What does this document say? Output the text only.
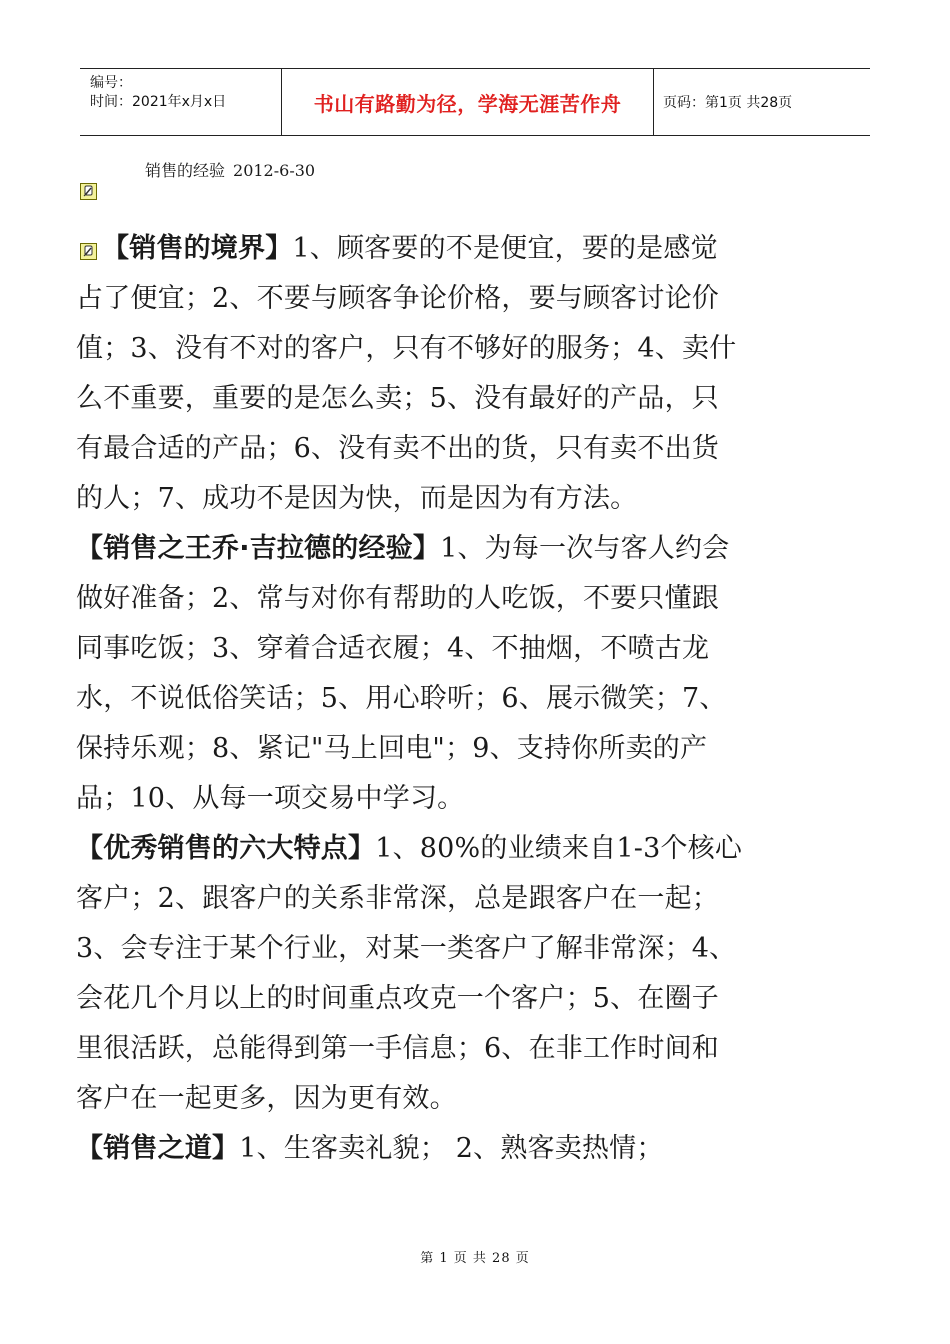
编号：
时间：2021年x月x日	书山有路勤为径，学海无涯苦作舟	页码：第1页 共28页
销售的经验 2012-6-30

【销售的境界】1、顾客要的不是便宜，要的是感觉占了便宜；2、不要与顾客争论价格，要与顾客讨论价值；3、没有不对的客户，只有不够好的服务；4、卖什么不重要，重要的是怎么卖；5、没有最好的产品，只有最合适的产品；6、没有卖不出的货，只有卖不出货的人；7、成功不是因为快，而是因为有方法。

【销售之王乔·吉拉德的经验】1、为每一次与客人约会做好准备；2、常与对你有帮助的人吃饭，不要只懂跟同事吃饭；3、穿着合适衣履；4、不抽烟，不喷古龙水，不说低俗笑话；5、用心聆听；6、展示微笑；7、保持乐观；8、紧记"马上回电"；9、支持你所卖的产品；10、从每一项交易中学习。

【优秀销售的六大特点】1、80%的业绩来自1-3个核心客户；2、跟客户的关系非常深，总是跟客户在一起；3、会专注于某个行业，对某一类客户了解非常深；4、会花几个月以上的时间重点攻克一个客户；5、在圈子里很活跃，总能得到第一手信息；6、在非工作时间和客户在一起更多，因为更有效。

【销售之道】1、生客卖礼貌； 2、熟客卖热情；

第 1 页 共 28 页
